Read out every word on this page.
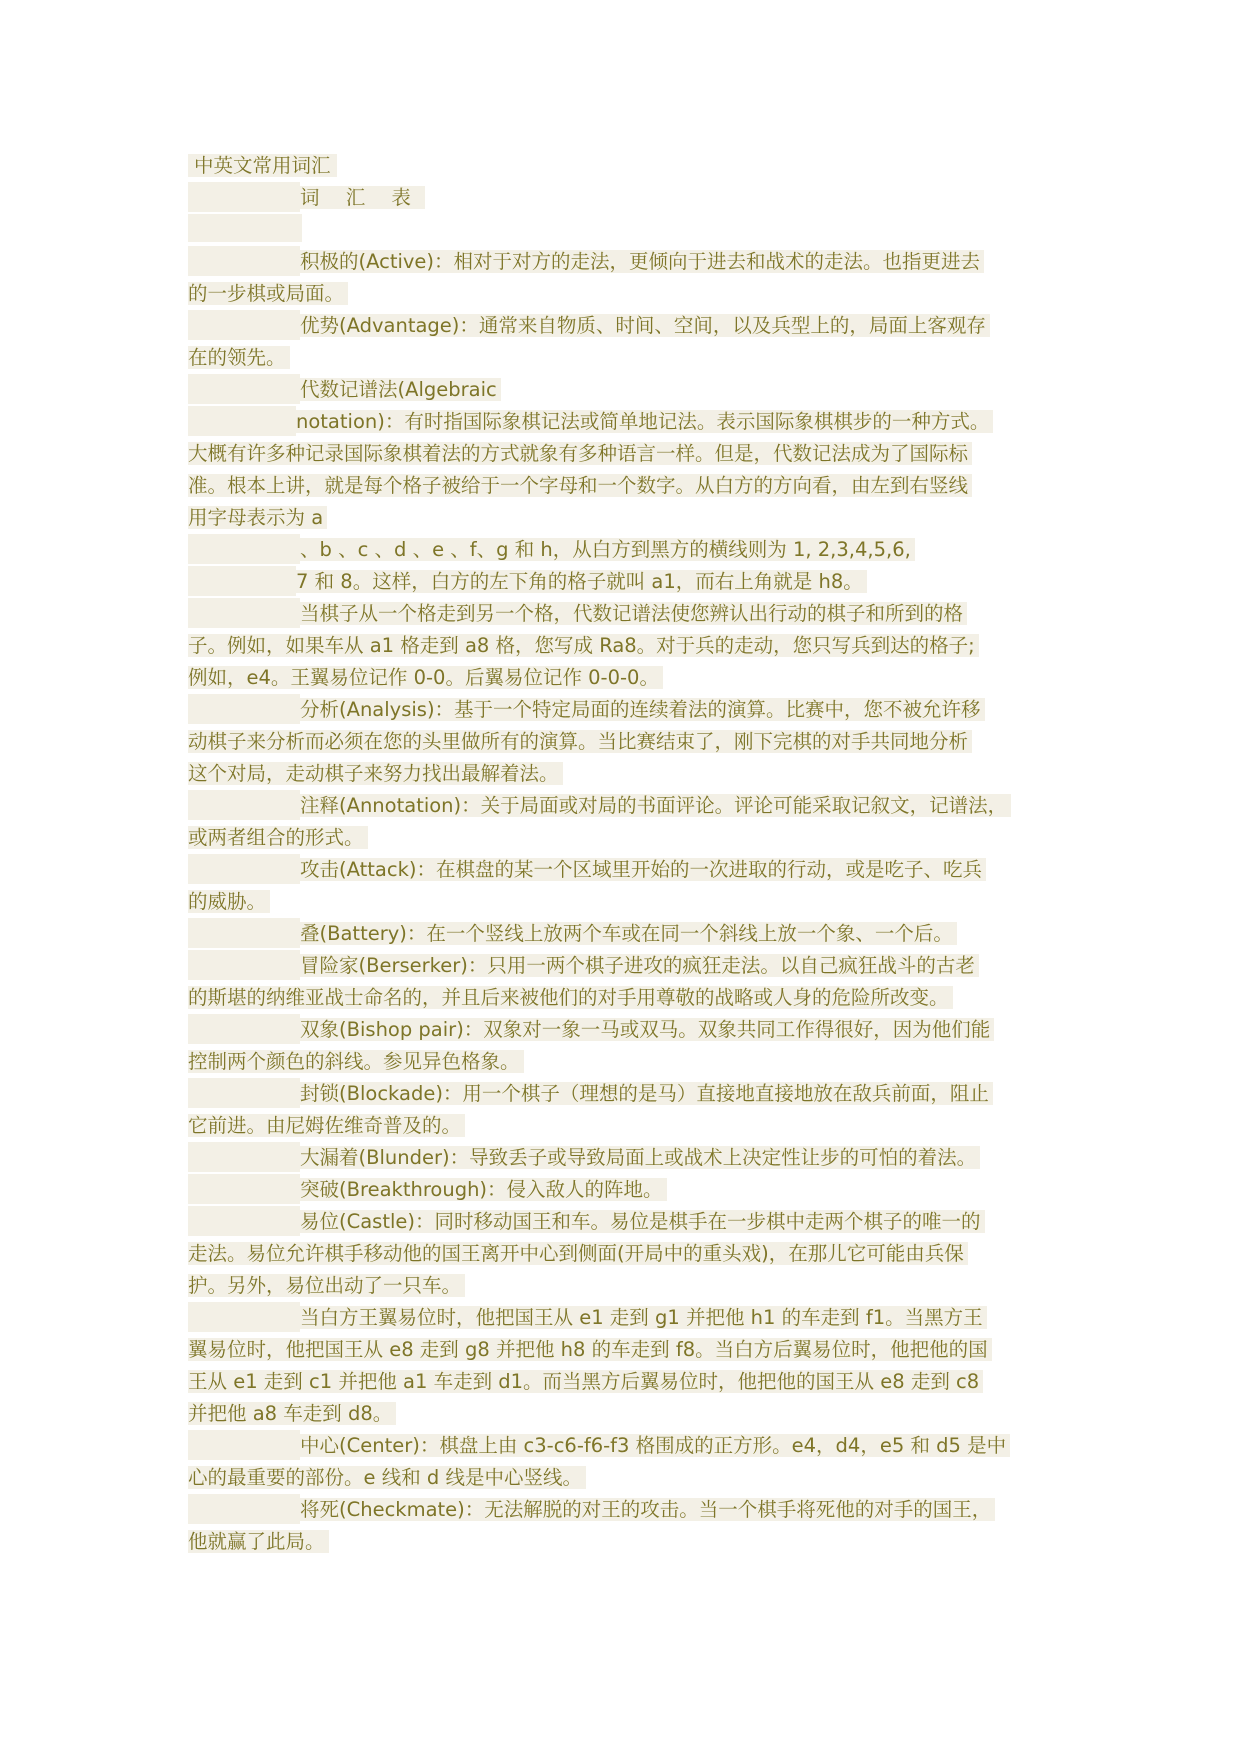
中英文常用词汇
词 汇 表
积极的(Active)：相对于对方的走法，更倾向于进去和战术的走法。也指更进去
的一步棋或局面。
优势(Advantage)：通常来自物质、时间、空间，以及兵型上的，局面上客观存
在的领先。
代数记谱法(Algebraic
notation)：有时指国际象棋记法或简单地记法。表示国际象棋棋步的一种方式。
大概有许多种记录国际象棋着法的方式就象有多种语言一样。但是，代数记法成为了国际标
准。根本上讲，就是每个格子被给于一个字母和一个数字。从白方的方向看，由左到右竖线
用字母表示为 a
、b 、c 、d 、e 、f、g 和 h，从白方到黑方的横线则为 1, 2,3,4,5,6,
7 和 8。这样，白方的左下角的格子就叫 a1，而右上角就是 h8。
当棋子从一个格走到另一个格，代数记谱法使您辨认出行动的棋子和所到的格
子。例如，如果车从 a1 格走到 a8 格，您写成 Ra8。对于兵的走动，您只写兵到达的格子;
例如，e4。王翼易位记作 0-0。后翼易位记作 0-0-0。
分析(Analysis)：基于一个特定局面的连续着法的演算。比赛中，您不被允许移
动棋子来分析而必须在您的头里做所有的演算。当比赛结束了，刚下完棋的对手共同地分析
这个对局，走动棋子来努力找出最解着法。
注释(Annotation)：关于局面或对局的书面评论。评论可能采取记叙文，记谱法，
或两者组合的形式。
攻击(Attack)：在棋盘的某一个区域里开始的一次进取的行动，或是吃子、吃兵
的威胁。
叠(Battery)：在一个竖线上放两个车或在同一个斜线上放一个象、一个后。
冒险家(Berserker)：只用一两个棋子进攻的疯狂走法。以自己疯狂战斗的古老
的斯堪的纳维亚战士命名的，并且后来被他们的对手用尊敬的战略或人身的危险所改变。
双象(Bishop pair)：双象对一象一马或双马。双象共同工作得很好，因为他们能
控制两个颜色的斜线。参见异色格象。
封锁(Blockade)：用一个棋子（理想的是马）直接地直接地放在敌兵前面，阻止
它前进。由尼姆佐维奇普及的。
大漏着(Blunder)：导致丢子或导致局面上或战术上决定性让步的可怕的着法。
突破(Breakthrough)：侵入敌人的阵地。
易位(Castle)：同时移动国王和车。易位是棋手在一步棋中走两个棋子的唯一的
走法。易位允许棋手移动他的国王离开中心到侧面(开局中的重头戏)，在那儿它可能由兵保
护。另外，易位出动了一只车。
当白方王翼易位时，他把国王从 e1 走到 g1 并把他 h1 的车走到 f1。当黑方王
翼易位时，他把国王从 e8 走到 g8 并把他 h8 的车走到 f8。当白方后翼易位时，他把他的国
王从 e1 走到 c1 并把他 a1 车走到 d1。而当黑方后翼易位时，他把他的国王从 e8 走到 c8
并把他 a8 车走到 d8。
中心(Center)：棋盘上由 c3-c6-f6-f3 格围成的正方形。e4，d4，e5 和 d5 是中
心的最重要的部份。e 线和 d 线是中心竖线。
将死(Checkmate)：无法解脱的对王的攻击。当一个棋手将死他的对手的国王，
他就赢了此局。
